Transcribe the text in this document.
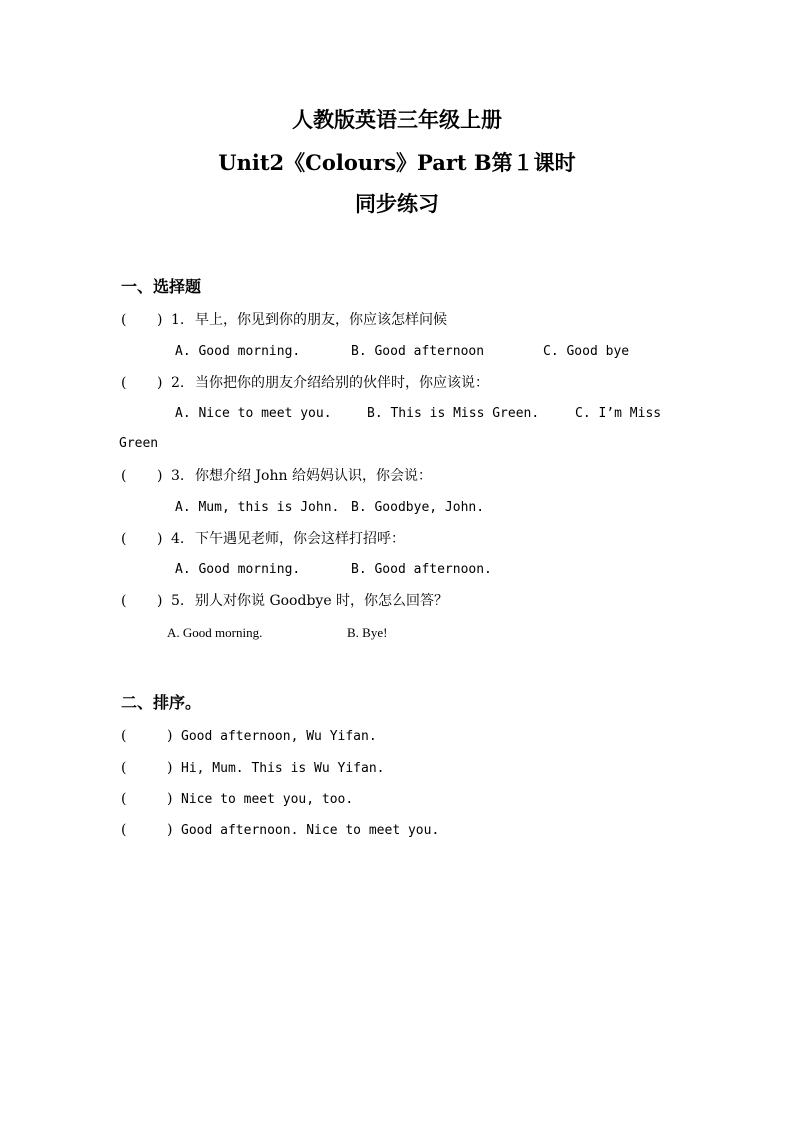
人教版英语三年级上册
Unit2《Colours》Part B第１课时
同步练习
一、选择题
( ) 1. 早上，你见到你的朋友，你应该怎样问候
A. Good morning.	B. Good afternoon	C. Good bye
( ) 2. 当你把你的朋友介绍给别的伙伴时，你应该说：
A. Nice to meet you.	B. This is Miss Green.	C. I’m Miss
Green
( ) 3. 你想介绍 John 给妈妈认识，你会说：
A. Mum, this is John. B. Goodbye, John.
( ) 4. 下午遇见老师，你会这样打招呼：
A. Good morning.	B. Good afternoon.
( ) 5. 别人对你说 Goodbye 时，你怎么回答？
A. Good morning.	B. Bye!
二、排序。
(	) Good afternoon, Wu Yifan.
(	) Hi, Mum. This is Wu Yifan.
(	) Nice to meet you, too.
(	) Good afternoon. Nice to meet you.
